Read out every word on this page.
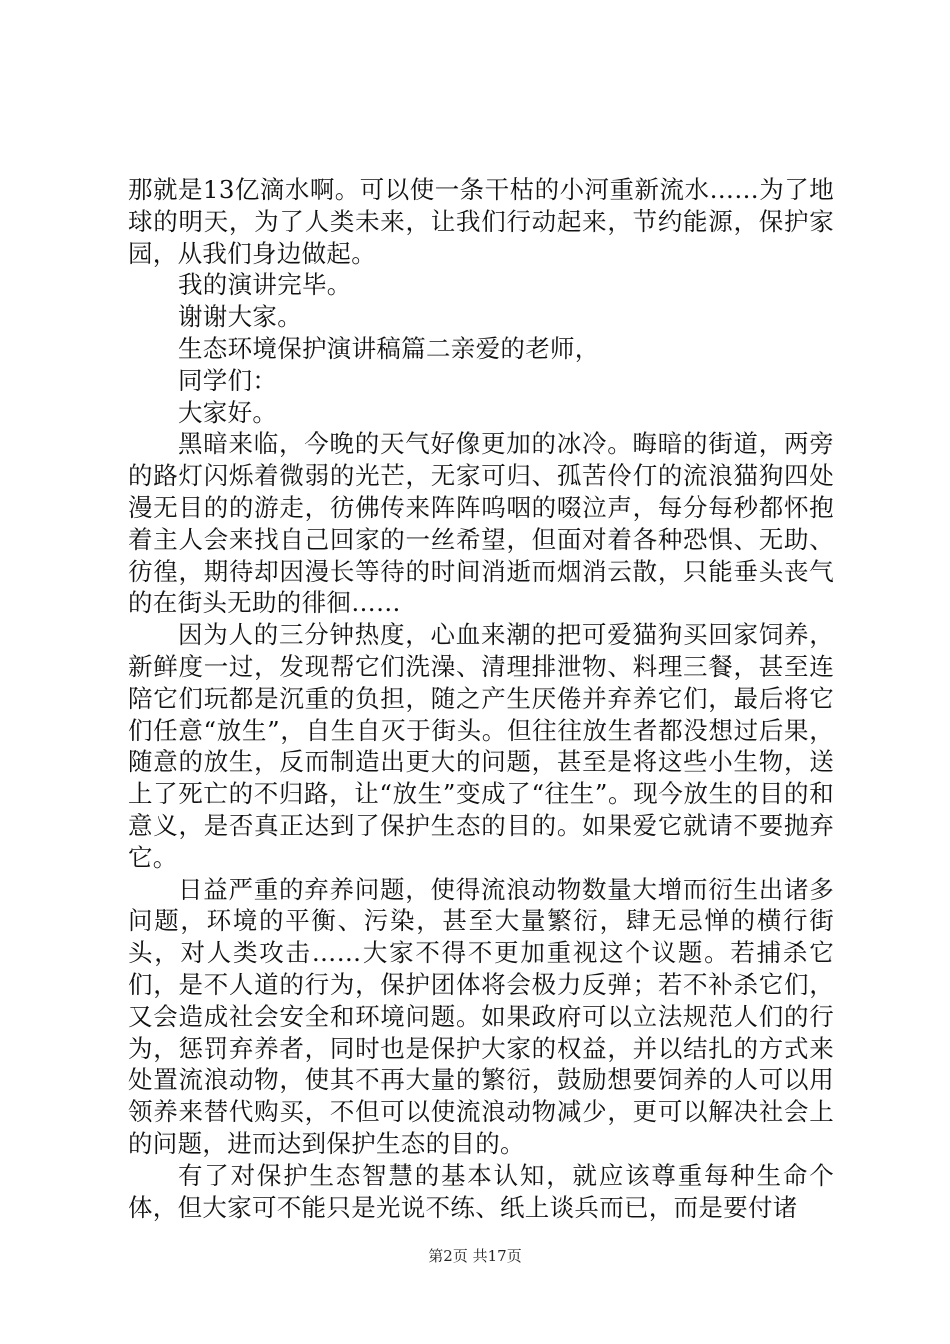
那就是13亿滴水啊。可以使一条干枯的小河重新流水……为了地球的明天，为了人类未来，让我们行动起来，节约能源，保护家园，从我们身边做起。

我的演讲完毕。

谢谢大家。

生态环境保护演讲稿篇二亲爱的老师，

同学们：

大家好。

黑暗来临，今晚的天气好像更加的冰冷。晦暗的街道，两旁的路灯闪烁着微弱的光芒，无家可归、孤苦伶仃的流浪猫狗四处漫无目的的游走，彷佛传来阵阵呜咽的啜泣声，每分每秒都怀抱着主人会来找自己回家的一丝希望，但面对着各种恐惧、无助、彷徨，期待却因漫长等待的时间消逝而烟消云散，只能垂头丧气的在街头无助的徘徊……

因为人的三分钟热度，心血来潮的把可爱猫狗买回家饲养，新鲜度一过，发现帮它们洗澡、清理排泄物、料理三餐，甚至连陪它们玩都是沉重的负担，随之产生厌倦并弃养它们，最后将它们任意“放生”，自生自灭于街头。但往往放生者都没想过后果，随意的放生，反而制造出更大的问题，甚至是将这些小生物，送上了死亡的不归路，让“放生”变成了“往生”。现今放生的目的和意义，是否真正达到了保护生态的目的。如果爱它就请不要抛弃它。

日益严重的弃养问题，使得流浪动物数量大增而衍生出诸多问题，环境的平衡、污染，甚至大量繁衍，肆无忌惮的横行街头，对人类攻击……大家不得不更加重视这个议题。若捕杀它们，是不人道的行为，保护团体将会极力反弹；若不补杀它们，又会造成社会安全和环境问题。如果政府可以立法规范人们的行为，惩罚弃养者，同时也是保护大家的权益，并以结扎的方式来处置流浪动物，使其不再大量的繁衍，鼓励想要饲养的人可以用领养来替代购买，不但可以使流浪动物减少，更可以解决社会上的问题，进而达到保护生态的目的。

有了对保护生态智慧的基本认知，就应该尊重每种生命个体，但大家可不能只是光说不练、纸上谈兵而已，而是要付诸

第2页 共17页
